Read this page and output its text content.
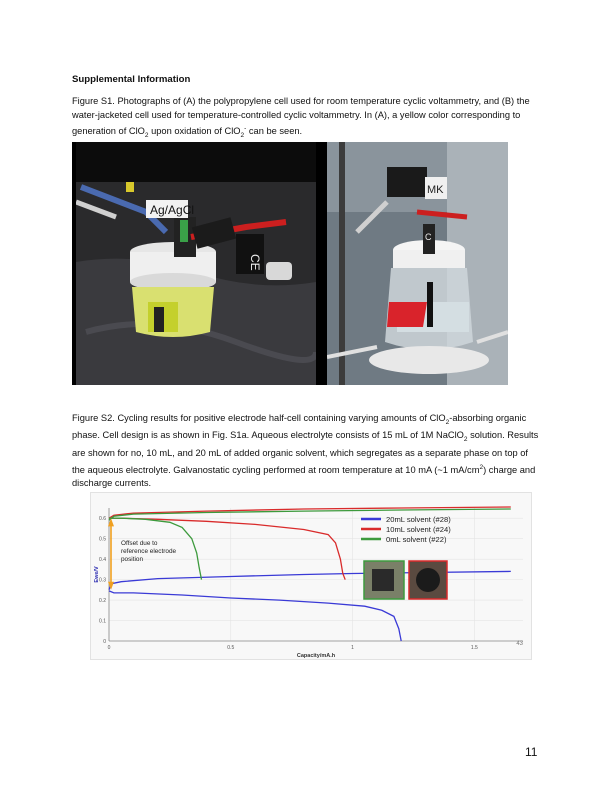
Supplemental Information
Figure S1. Photographs of (A) the polypropylene cell used for room temperature cyclic voltammetry, and (B) the water-jacketed cell used for temperature-controlled cyclic voltammetry. In (A), a yellow color corresponding to generation of ClO$_2$ upon oxidation of ClO$_2$- can be seen.
Ag/AgCl
CE
MK
C
Figure S2. Cycling results for positive electrode half-cell containing varying amounts of ClO$_2$-absorbing organic phase. Cell design is as shown in Fig. S1a. Aqueous electrolyte consists of 15 mL of 1M NaClO$_2$ solution. Results are shown for no, 10 mL, and 20 mL of added organic solvent, which segregates as a separate phase on top of the aqueous electrolyte. Galvanostatic cycling performed at room temperature at 10 mA (~1 $mA/cm^2$) charge and discharge currents.
0
0.1
0.2
0.3
0.4
0.5
0.6
0	0.5	1	1.5
Capacity/mA.h
Ewe/V
43
20mL solvent (#28)
10mL solvent (#24)
0mL solvent (#22)
Offset due to
reference electrode
position
11
